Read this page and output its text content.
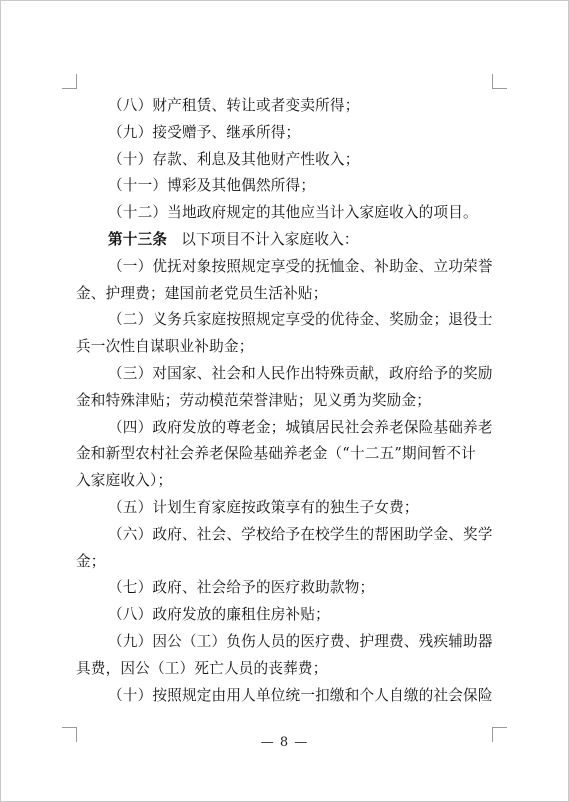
（八）财产租赁、转让或者变卖所得；
（九）接受赠予、继承所得；
（十）存款、利息及其他财产性收入；
（十一）博彩及其他偶然所得；
（十二）当地政府规定的其他应当计入家庭收入的项目。
第十三条 以下项目不计入家庭收入：
（一）优抚对象按照规定享受的抚恤金、补助金、立功荣誉
金、护理费；建国前老党员生活补贴；
（二）义务兵家庭按照规定享受的优待金、奖励金；退役士
兵一次性自谋职业补助金；
（三）对国家、社会和人民作出特殊贡献，政府给予的奖励
金和特殊津贴；劳动模范荣誉津贴；见义勇为奖励金；
（四）政府发放的尊老金；城镇居民社会养老保险基础养老
金和新型农村社会养老保险基础养老金（“十二五”期间暂不计
入家庭收入）；
（五）计划生育家庭按政策享有的独生子女费；
（六）政府、社会、学校给予在校学生的帮困助学金、奖学
金；
（七）政府、社会给予的医疗救助款物；
（八）政府发放的廉租住房补贴；
（九）因公（工）负伤人员的医疗费、护理费、残疾辅助器
具费，因公（工）死亡人员的丧葬费；
（十）按照规定由用人单位统一扣缴和个人自缴的社会保险
— 8 —
